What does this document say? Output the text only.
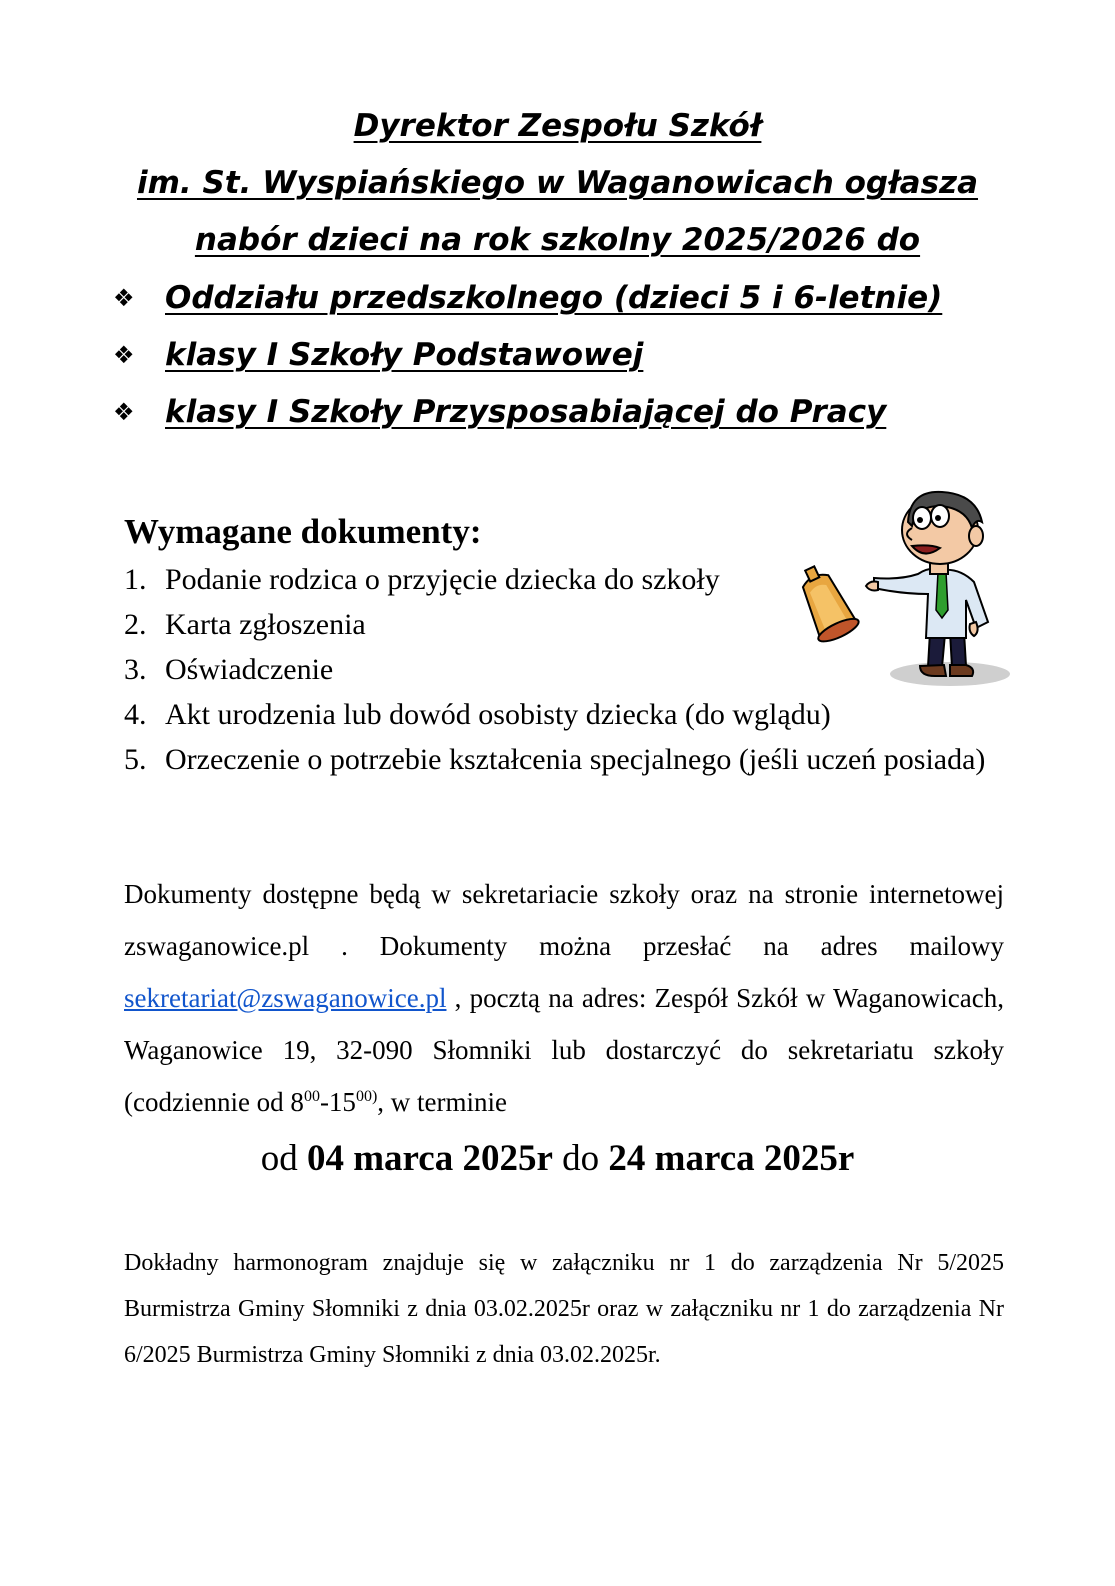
Dyrektor Zespołu Szkół
im. St. Wyspiańskiego w Waganowicach ogłasza
nabór dzieci na rok szkolny 2025/2026 do
❖ Oddziału przedszkolnego (dzieci 5 i 6-letnie)
❖ klasy I Szkoły Podstawowej
❖ klasy I Szkoły Przysposabiającej do Pracy
Wymagane dokumenty:
1. Podanie rodzica o przyjęcie dziecka do szkoły
2. Karta zgłoszenia
3. Oświadczenie
4. Akt urodzenia lub dowód osobisty dziecka (do wglądu)
5. Orzeczenie o potrzebie kształcenia specjalnego (jeśli uczeń posiada)

Dokumenty dostępne będą w sekretariacie szkoły oraz na stronie internetowej zswaganowice.pl . Dokumenty można przesłać na adres mailowy sekretariat@zswaganowice.pl , pocztą na adres: Zespół Szkół w Waganowicach, Waganowice 19, 32-090 Słomniki lub dostarczyć do sekretariatu szkoły (codziennie od $8^{00}-15^{00)}$, w terminie

od 04 marca 2025r do 24 marca 2025r

Dokładny harmonogram znajduje się w załączniku nr 1 do zarządzenia Nr 5/2025 Burmistrza Gminy Słomniki z dnia 03.02.2025r oraz w załączniku nr 1 do zarządzenia Nr 6/2025 Burmistrza Gminy Słomniki z dnia 03.02.2025r.
